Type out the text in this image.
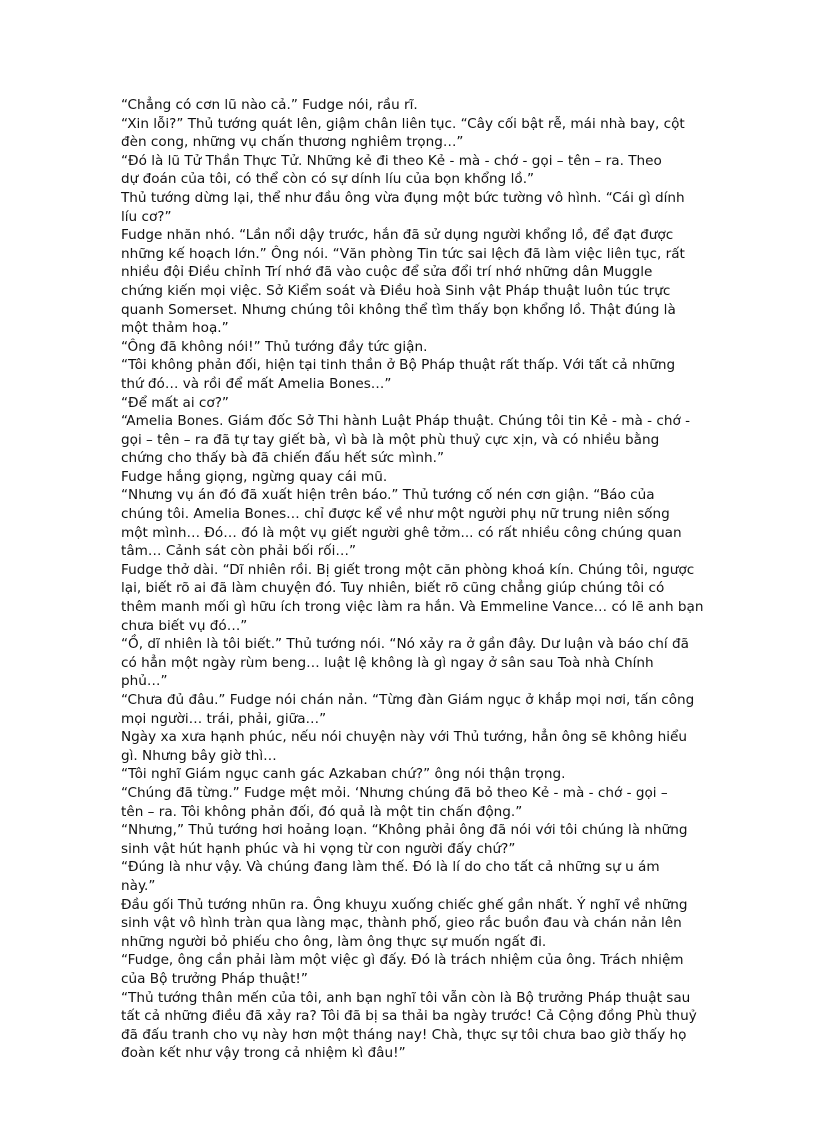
“Chẳng có cơn lũ nào cả.” Fudge nói, rầu rĩ.

“Xin lỗi?” Thủ tướng quát lên, giậm chân liên tục. “Cây cối bật rễ, mái nhà bay, cột
đèn cong, những vụ chấn thương nghiêm trọng…”

“Đó là lũ Tử Thần Thực Tử. Những kẻ đi theo Kẻ - mà - chớ - gọi – tên – ra. Theo
dự đoán của tôi, có thể còn có sự dính líu của bọn khổng lồ.”

Thủ tướng dừng lại, thể như đầu ông vừa đụng một bức tường vô hình. “Cái gì dính
líu cơ?”

Fudge nhăn nhó. “Lần nổi dậy trước, hắn đã sử dụng người khổng lồ, để đạt được
những kế hoạch lớn.” Ông nói. “Văn phòng Tin tức sai lệch đã làm việc liên tục, rất
nhiều đội Điều chỉnh Trí nhớ đã vào cuộc để sửa đổi trí nhớ những dân Muggle
chứng kiến mọi việc. Sở Kiểm soát và Điều hoà Sinh vật Pháp thuật luôn túc trực
quanh Somerset. Nhưng chúng tôi không thể tìm thấy bọn khổng lồ. Thật đúng là
một thảm hoạ.”

“Ông đã không nói!” Thủ tướng đầy tức giận.

“Tôi không phản đối, hiện tại tinh thần ở Bộ Pháp thuật rất thấp. Với tất cả những
thứ đó… và rồi để mất Amelia Bones…”

“Để mất ai cơ?”

“Amelia Bones. Giám đốc Sở Thi hành Luật Pháp thuật. Chúng tôi tin Kẻ - mà - chớ -
gọi – tên – ra đã tự tay giết bà, vì bà là một phù thuỷ cực xịn, và có nhiều bằng
chứng cho thấy bà đã chiến đấu hết sức mình.”

Fudge hắng giọng, ngừng quay cái mũ.

“Nhưng vụ án đó đã xuất hiện trên báo.” Thủ tướng cố nén cơn giận. “Báo của
chúng tôi. Amelia Bones… chỉ được kể về như một người phụ nữ trung niên sống
một mình… Đó… đó là một vụ giết người ghê tởm... có rất nhiều công chúng quan
tâm… Cảnh sát còn phải bối rối…”

Fudge thở dài. “Dĩ nhiên rồi. Bị giết trong một căn phòng khoá kín. Chúng tôi, ngược
lại, biết rõ ai đã làm chuyện đó. Tuy nhiên, biết rõ cũng chẳng giúp chúng tôi có
thêm manh mối gì hữu ích trong việc làm ra hắn. Và Emmeline Vance… có lẽ anh bạn
chưa biết vụ đó…”

“Ồ, dĩ nhiên là tôi biết.” Thủ tướng nói. “Nó xảy ra ở gần đây. Dư luận và báo chí đã
có hẳn một ngày rùm beng… luật lệ không là gì ngay ở sân sau Toà nhà Chính
phủ…”

“Chưa đủ đâu.” Fudge nói chán nản. “Từng đàn Giám ngục ở khắp mọi nơi, tấn công
mọi người… trái, phải, giữa…”

Ngày xa xưa hạnh phúc, nếu nói chuyện này với Thủ tướng, hẳn ông sẽ không hiểu
gì. Nhưng bây giờ thì…

“Tôi nghĩ Giám ngục canh gác Azkaban chứ?” ông nói thận trọng.

“Chúng đã từng.” Fudge mệt mỏi. ‘Nhưng chúng đã bỏ theo Kẻ - mà - chớ - gọi –
tên – ra. Tôi không phản đối, đó quả là một tin chấn động.”

“Nhưng,” Thủ tướng hơi hoảng loạn. “Không phải ông đã nói với tôi chúng là những
sinh vật hút hạnh phúc và hi vọng từ con người đấy chứ?”

“Đúng là như vậy. Và chúng đang làm thế. Đó là lí do cho tất cả những sự u ám
này.”

Đầu gối Thủ tướng nhũn ra. Ông khuỵu xuống chiếc ghế gần nhất. Ý nghĩ về những
sinh vật vô hình tràn qua làng mạc, thành phố, gieo rắc buồn đau và chán nản lên
những người bỏ phiếu cho ông, làm ông thực sự muốn ngất đi.

“Fudge, ông cần phải làm một việc gì đấy. Đó là trách nhiệm của ông. Trách nhiệm
của Bộ trưởng Pháp thuật!”

“Thủ tướng thân mến của tôi, anh bạn nghĩ tôi vẫn còn là Bộ trưởng Pháp thuật sau
tất cả những điều đã xảy ra? Tôi đã bị sa thải ba ngày trước! Cả Cộng đồng Phù thuỷ
đã đấu tranh cho vụ này hơn một tháng nay! Chà, thực sự tôi chưa bao giờ thấy họ
đoàn kết như vậy trong cả nhiệm kì đâu!”
